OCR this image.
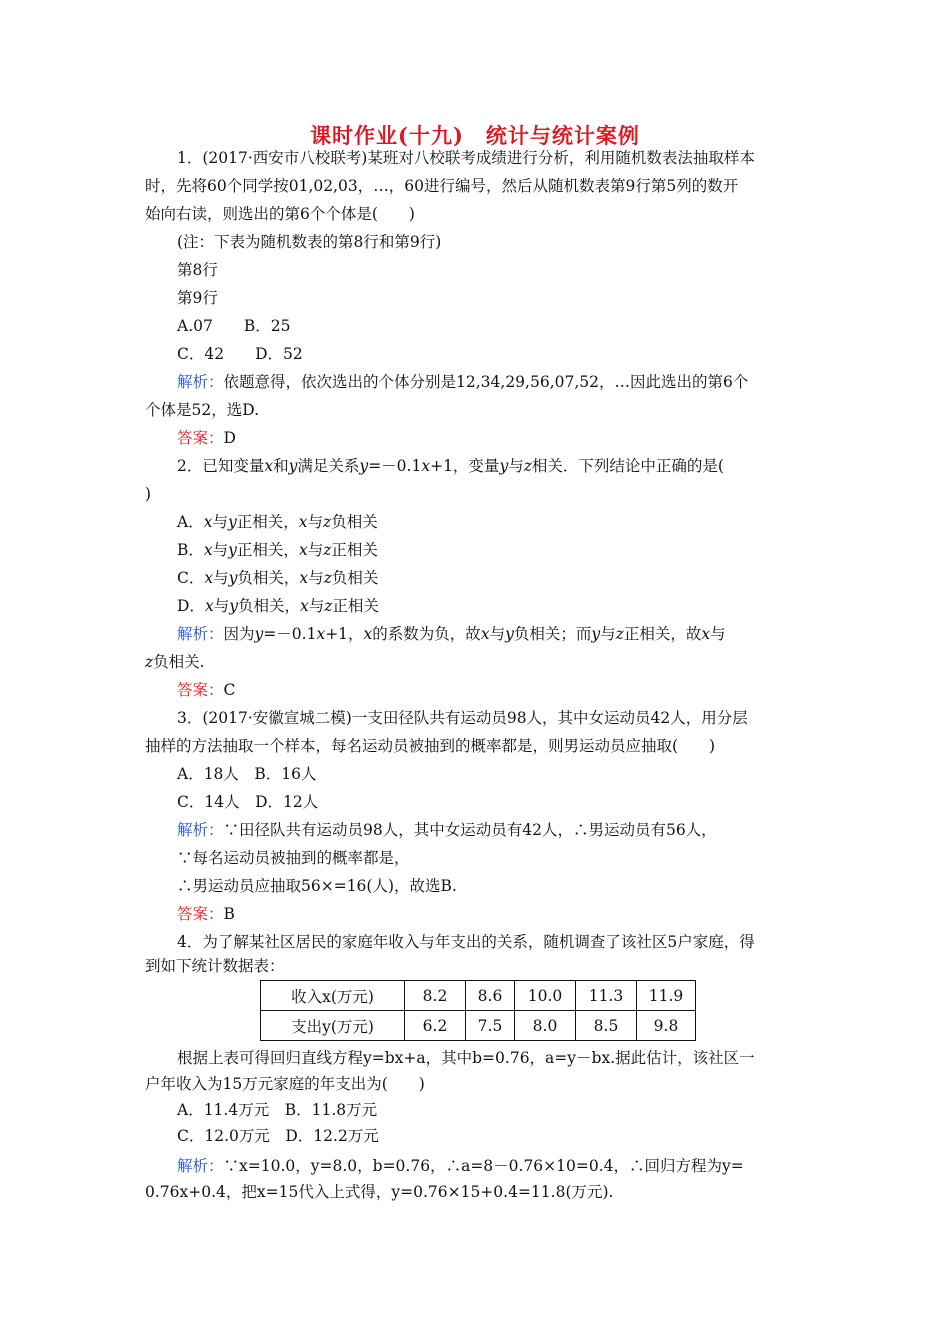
课时作业(十九)　统计与统计案例
1．(2017·西安市八校联考)某班对八校联考成绩进行分析，利用随机数表法抽取样本
时，先将60个同学按01,02,03，…，60进行编号，然后从随机数表第9行第5列的数开
始向右读，则选出的第6个个体是(　　)
(注：下表为随机数表的第8行和第9行)
第8行
第9行
A.07　　B．25
C．42　　D．52
解析：依题意得，依次选出的个体分别是12,34,29,56,07,52，…因此选出的第6个
个体是52，选D.
答案：D
2．已知变量x和y满足关系y=－0.1x+1，变量y与z相关．下列结论中正确的是(
)
A．x与y正相关，x与z负相关
B．x与y正相关，x与z正相关
C．x与y负相关，x与z负相关
D．x与y负相关，x与z正相关
解析：因为y=－0.1x+1，x的系数为负，故x与y负相关；而y与z正相关，故x与
z负相关.
答案：C
3．(2017·安徽宣城二模)一支田径队共有运动员98人，其中女运动员42人，用分层
抽样的方法抽取一个样本，每名运动员被抽到的概率都是，则男运动员应抽取(　　)
A．18人　B．16人
C．14人　D．12人
解析：∵田径队共有运动员98人，其中女运动员有42人，∴男运动员有56人，
∵每名运动员被抽到的概率都是，
∴男运动员应抽取56×=16(人)，故选B.
答案：B
4．为了解某社区居民的家庭年收入与年支出的关系，随机调查了该社区5户家庭，得
到如下统计数据表：
收入x(万元)	8.2	8.6	10.0	11.3	11.9
支出y(万元)	6.2	7.5	8.0	8.5	9.8
根据上表可得回归直线方程y=bx+a，其中b=0.76，a=y－bx.据此估计，该社区一
户年收入为15万元家庭的年支出为(　　)
A．11.4万元　B．11.8万元
C．12.0万元　D．12.2万元
解析：∵x=10.0，y=8.0，b=0.76，∴a=8－0.76×10=0.4，∴回归方程为y=
0.76x+0.4，把x=15代入上式得，y=0.76×15+0.4=11.8(万元).
